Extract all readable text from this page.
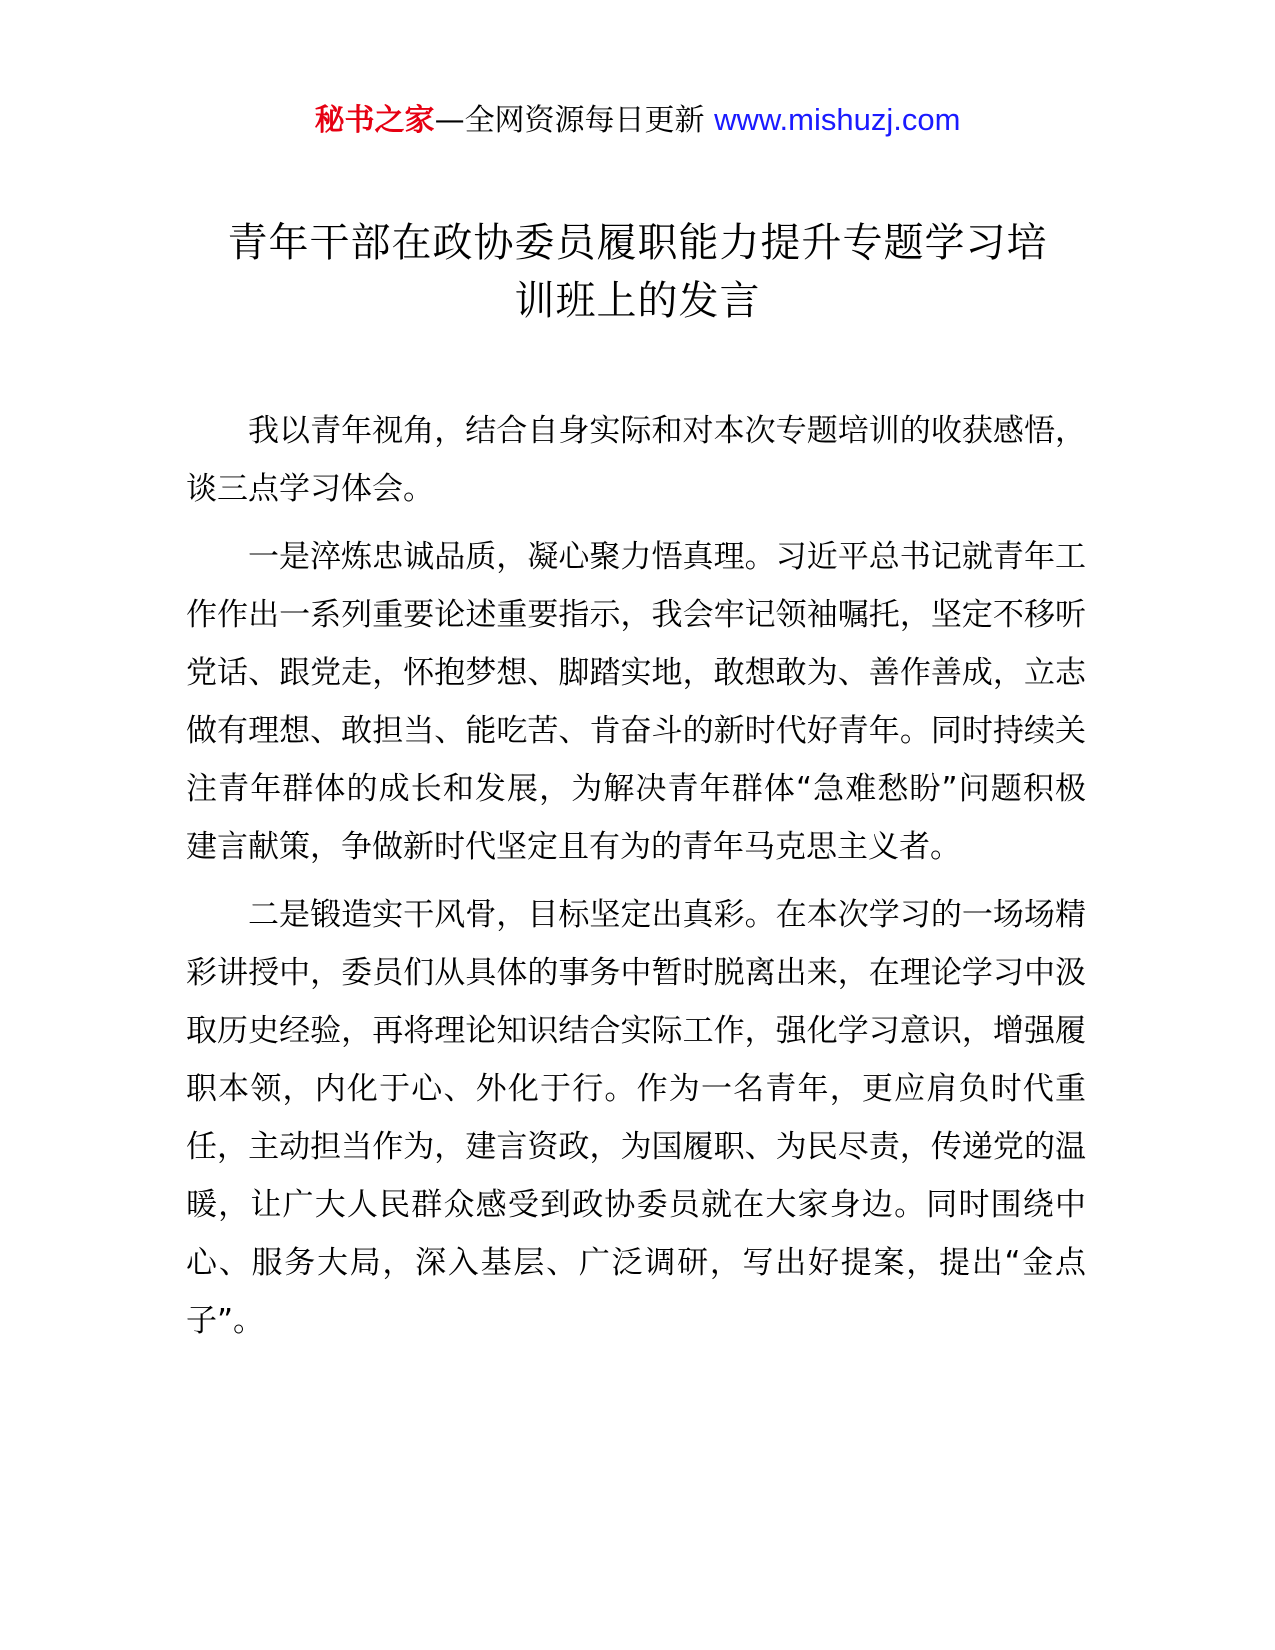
秘书之家—全网资源每日更新 www.mishuzj.com
青年干部在政协委员履职能力提升专题学习培
训班上的发言

我以青年视角，结合自身实际和对本次专题培训的收获感悟，谈三点学习体会。

一是淬炼忠诚品质，凝心聚力悟真理。习近平总书记就青年工作作出一系列重要论述重要指示，我会牢记领袖嘱托，坚定不移听党话、跟党走，怀抱梦想、脚踏实地，敢想敢为、善作善成，立志做有理想、敢担当、能吃苦、肯奋斗的新时代好青年。同时持续关注青年群体的成长和发展，为解决青年群体“急难愁盼”问题积极建言献策，争做新时代坚定且有为的青年马克思主义者。

二是锻造实干风骨，目标坚定出真彩。在本次学习的一场场精彩讲授中，委员们从具体的事务中暂时脱离出来，在理论学习中汲取历史经验，再将理论知识结合实际工作，强化学习意识，增强履职本领，内化于心、外化于行。作为一名青年，更应肩负时代重任，主动担当作为，建言资政，为国履职、为民尽责，传递党的温暖，让广大人民群众感受到政协委员就在大家身边。同时围绕中心、服务大局，深入基层、广泛调研，写出好提案，提出“金点子”。
